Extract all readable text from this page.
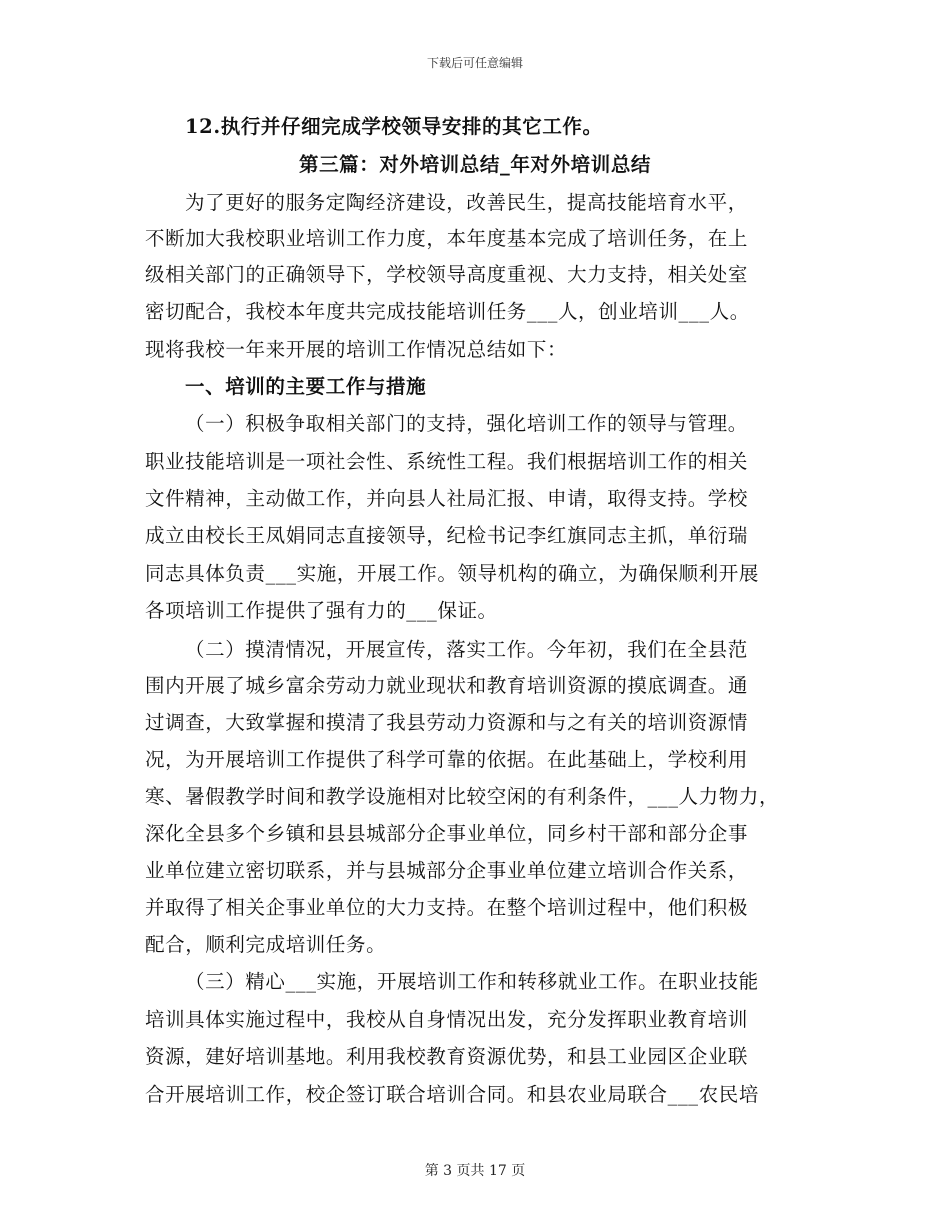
下载后可任意编辑
12.执行并仔细完成学校领导安排的其它工作。
第三篇：对外培训总结_年对外培训总结
为了更好的服务定陶经济建设，改善民生，提高技能培育水平，
不断加大我校职业培训工作力度，本年度基本完成了培训任务，在上
级相关部门的正确领导下，学校领导高度重视、大力支持，相关处室
密切配合，我校本年度共完成技能培训任务___人，创业培训___人。
现将我校一年来开展的培训工作情况总结如下：
一、培训的主要工作与措施
（一）积极争取相关部门的支持，强化培训工作的领导与管理。
职业技能培训是一项社会性、系统性工程。我们根据培训工作的相关
文件精神，主动做工作，并向县人社局汇报、申请，取得支持。学校
成立由校长王凤娟同志直接领导，纪检书记李红旗同志主抓，单衍瑞
同志具体负责___实施，开展工作。领导机构的确立，为确保顺利开展
各项培训工作提供了强有力的___保证。
（二）摸清情况，开展宣传，落实工作。今年初，我们在全县范
围内开展了城乡富余劳动力就业现状和教育培训资源的摸底调查。通
过调查，大致掌握和摸清了我县劳动力资源和与之有关的培训资源情
况，为开展培训工作提供了科学可靠的依据。在此基础上，学校利用
寒、暑假教学时间和教学设施相对比较空闲的有利条件，___人力物力，
深化全县多个乡镇和县县城部分企事业单位，同乡村干部和部分企事
业单位建立密切联系，并与县城部分企事业单位建立培训合作关系，
并取得了相关企事业单位的大力支持。在整个培训过程中，他们积极
配合，顺利完成培训任务。
（三）精心___实施，开展培训工作和转移就业工作。在职业技能
培训具体实施过程中，我校从自身情况出发，充分发挥职业教育培训
资源，建好培训基地。利用我校教育资源优势，和县工业园区企业联
合开展培训工作，校企签订联合培训合同。和县农业局联合___农民培
第 3 页共 17 页
